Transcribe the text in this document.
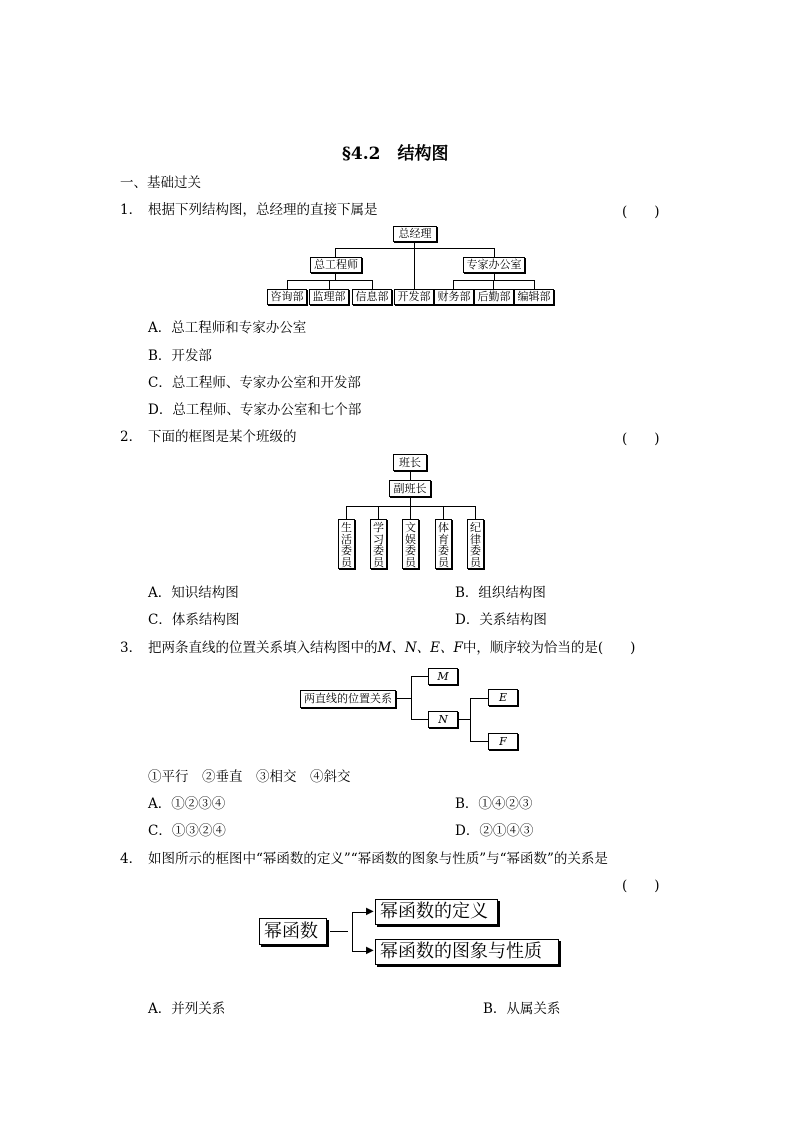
§4.2　结构图
一、基础过关
1． 根据下列结构图，总经理的直接下属是	(　　)
总经理
总工程师	专家办公室
咨询部 监理部 信息部 开发部 财务部 后勤部 编辑部
A．总工程师和专家办公室
B．开发部
C．总工程师、专家办公室和开发部
D．总工程师、专家办公室和七个部
2． 下面的框图是某个班级的	(　　)
班长
副班长
生活委员
学习委员
文娱委员
体育委员
纪律委员
A．知识结构图	B．组织结构图
C．体系结构图	D．关系结构图
3． 把两条直线的位置关系填入结构图中的M、N、E、F中，顺序较为恰当的是(　　)
两直线的位置关系
M
N
E
F
①平行　②垂直　③相交　④斜交
A．①②③④	B．①④②③
C．①③②④	D．②①④③
4． 如图所示的框图中“幂函数的定义”“幂函数的图象与性质”与“幂函数”的关系是
(　　)
幂函数
▶
▶
幂函数的定义
幂函数的图象与性质
A．并列关系	B．从属关系
